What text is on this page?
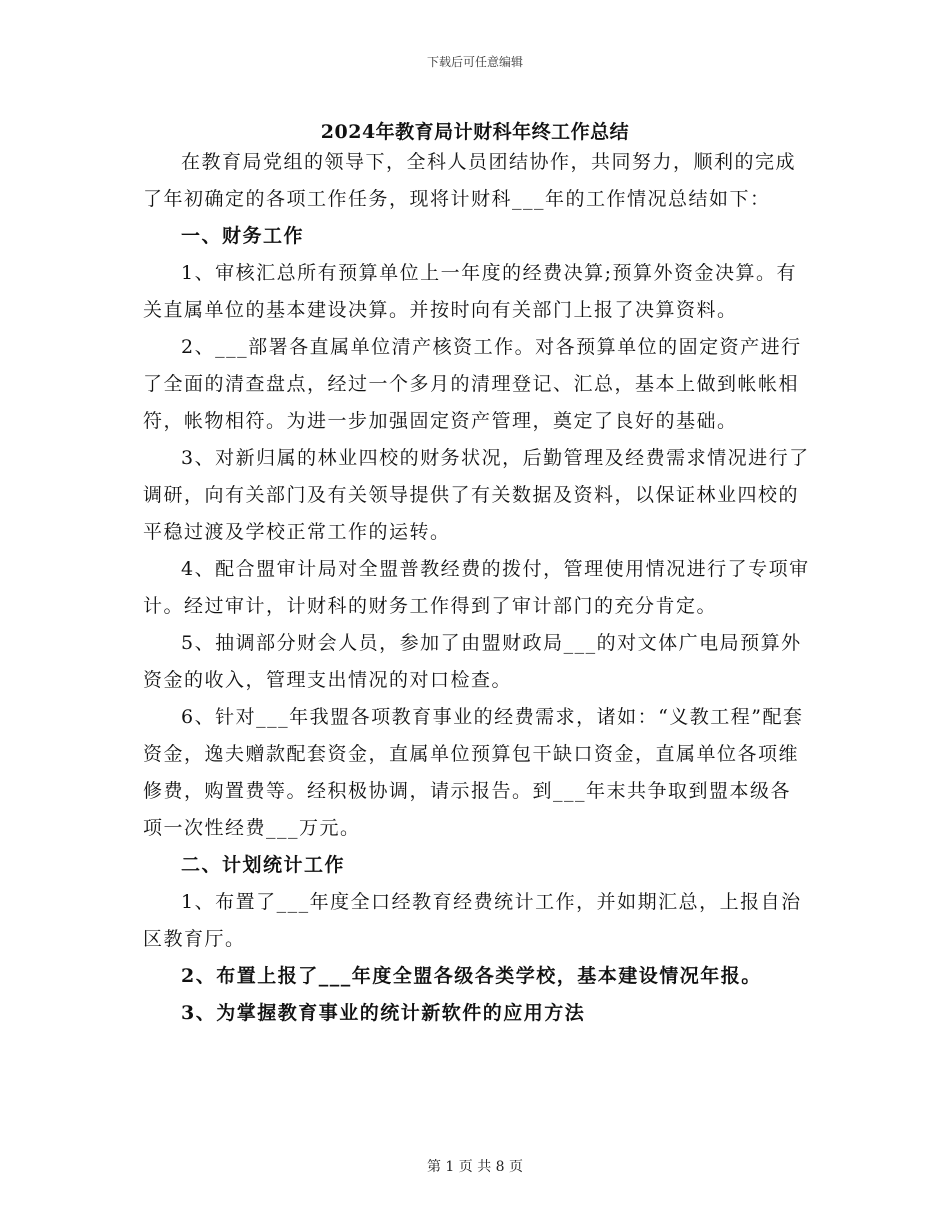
下载后可任意编辑
2024年教育局计财科年终工作总结

在教育局党组的领导下，全科人员团结协作，共同努力，顺利的完成了年初确定的各项工作任务，现将计财科___年的工作情况总结如下：

一、财务工作

1、审核汇总所有预算单位上一年度的经费决算;预算外资金决算。有关直属单位的基本建设决算。并按时向有关部门上报了决算资料。

2、___部署各直属单位清产核资工作。对各预算单位的固定资产进行了全面的清查盘点，经过一个多月的清理登记、汇总，基本上做到帐帐相符，帐物相符。为进一步加强固定资产管理，奠定了良好的基础。

3、对新归属的林业四校的财务状况，后勤管理及经费需求情况进行了调研，向有关部门及有关领导提供了有关数据及资料，以保证林业四校的平稳过渡及学校正常工作的运转。

4、配合盟审计局对全盟普教经费的拨付，管理使用情况进行了专项审计。经过审计，计财科的财务工作得到了审计部门的充分肯定。

5、抽调部分财会人员，参加了由盟财政局___的对文体广电局预算外资金的收入，管理支出情况的对口检查。

6、针对___年我盟各项教育事业的经费需求，诸如：“义教工程”配套资金，逸夫赠款配套资金，直属单位预算包干缺口资金，直属单位各项维修费，购置费等。经积极协调，请示报告。到___年末共争取到盟本级各项一次性经费___万元。

二、计划统计工作

1、布置了___年度全口经教育经费统计工作，并如期汇总，上报自治区教育厅。

2、布置上报了___年度全盟各级各类学校，基本建设情况年报。

3、为掌握教育事业的统计新软件的应用方法

第 1 页 共 8 页
